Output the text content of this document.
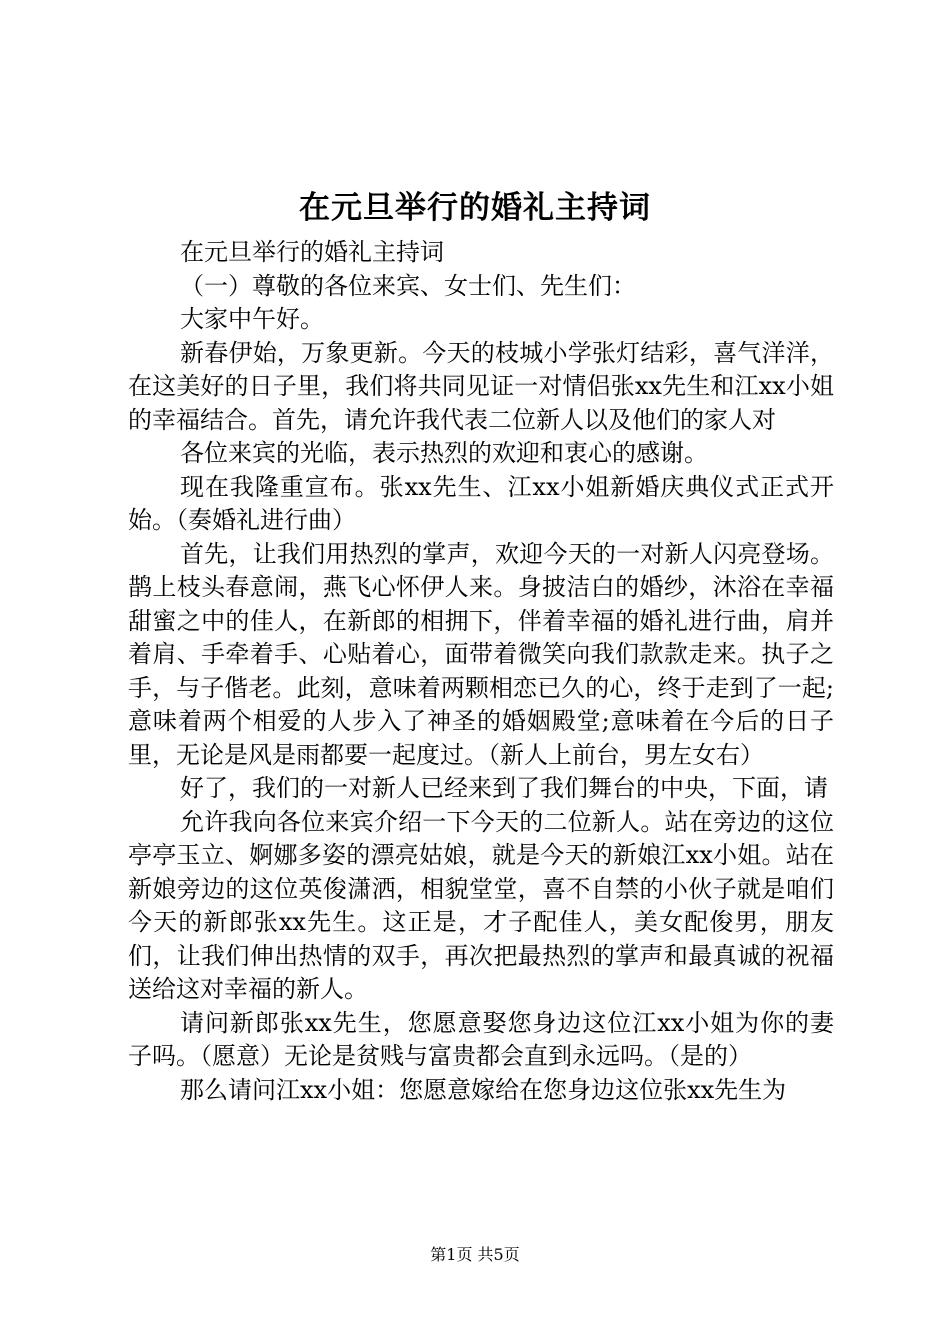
在元旦举行的婚礼主持词

在元旦举行的婚礼主持词

（一）尊敬的各位来宾、女士们、先生们：

大家中午好。

新春伊始，万象更新。今天的枝城小学张灯结彩，喜气洋洋，在这美好的日子里，我们将共同见证一对情侣张xx先生和江xx小姐的幸福结合。首先，请允许我代表二位新人以及他们的家人对

各位来宾的光临，表示热烈的欢迎和衷心的感谢。

现在我隆重宣布。张xx先生、江xx小姐新婚庆典仪式正式开始。（奏婚礼进行曲）

首先，让我们用热烈的掌声，欢迎今天的一对新人闪亮登场。鹊上枝头春意闹，燕飞心怀伊人来。身披洁白的婚纱，沐浴在幸福甜蜜之中的佳人，在新郎的相拥下，伴着幸福的婚礼进行曲，肩并着肩、手牵着手、心贴着心，面带着微笑向我们款款走来。执子之手，与子偕老。此刻，意味着两颗相恋已久的心，终于走到了一起;意味着两个相爱的人步入了神圣的婚姻殿堂;意味着在今后的日子里，无论是风是雨都要一起度过。（新人上前台，男左女右）

好了，我们的一对新人已经来到了我们舞台的中央，下面，请

允许我向各位来宾介绍一下今天的二位新人。站在旁边的这位亭亭玉立、婀娜多姿的漂亮姑娘，就是今天的新娘江xx小姐。站在新娘旁边的这位英俊潇洒，相貌堂堂，喜不自禁的小伙子就是咱们今天的新郎张xx先生。这正是，才子配佳人，美女配俊男，朋友们，让我们伸出热情的双手，再次把最热烈的掌声和最真诚的祝福送给这对幸福的新人。

请问新郎张xx先生，您愿意娶您身边这位江xx小姐为你的妻子吗。（愿意）无论是贫贱与富贵都会直到永远吗。（是的）

那么请问江xx小姐：您愿意嫁给在您身边这位张xx先生为

第1页 共5页
